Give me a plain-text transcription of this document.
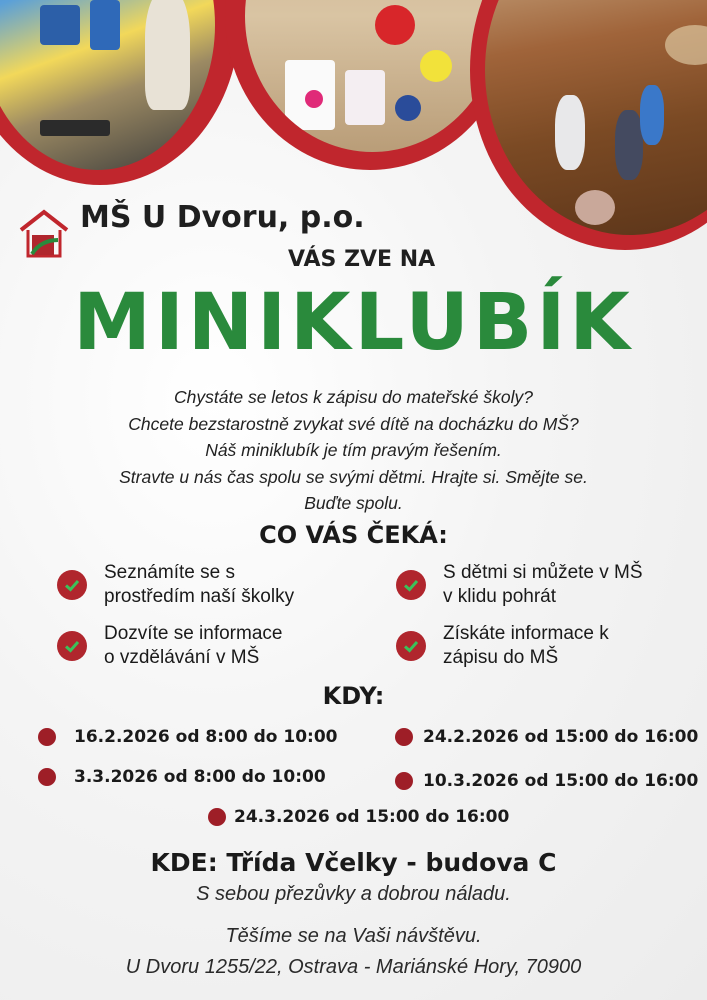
MŠ U Dvoru, p.o.
VÁS ZVE NA
MINIKLUBÍK
Chystáte se letos k zápisu do mateřské školy?
Chcete bezstarostně zvykat své dítě na docházku do MŠ?
Náš miniklubík je tím pravým řešením.
Stravte u nás čas spolu se svými dětmi. Hrajte si. Smějte se.
Buďte spolu.
CO VÁS ČEKÁ:
Seznámíte se s
prostředím naší školky
S dětmi si můžete v MŠ
v klidu pohrát
Dozvíte se informace
o vzdělávání v MŠ
Získáte informace k
zápisu do MŠ
KDY:
16.2.2026 od 8:00 do 10:00	24.2.2026 od 15:00 do 16:00
3.3.2026 od 8:00 do 10:00	10.3.2026 od 15:00 do 16:00
24.3.2026 od 15:00 do 16:00
KDE: Třída Včelky - budova C
S sebou přezůvky a dobrou náladu.
Těšíme se na Vaši návštěvu.
U Dvoru 1255/22, Ostrava - Mariánské Hory, 70900
